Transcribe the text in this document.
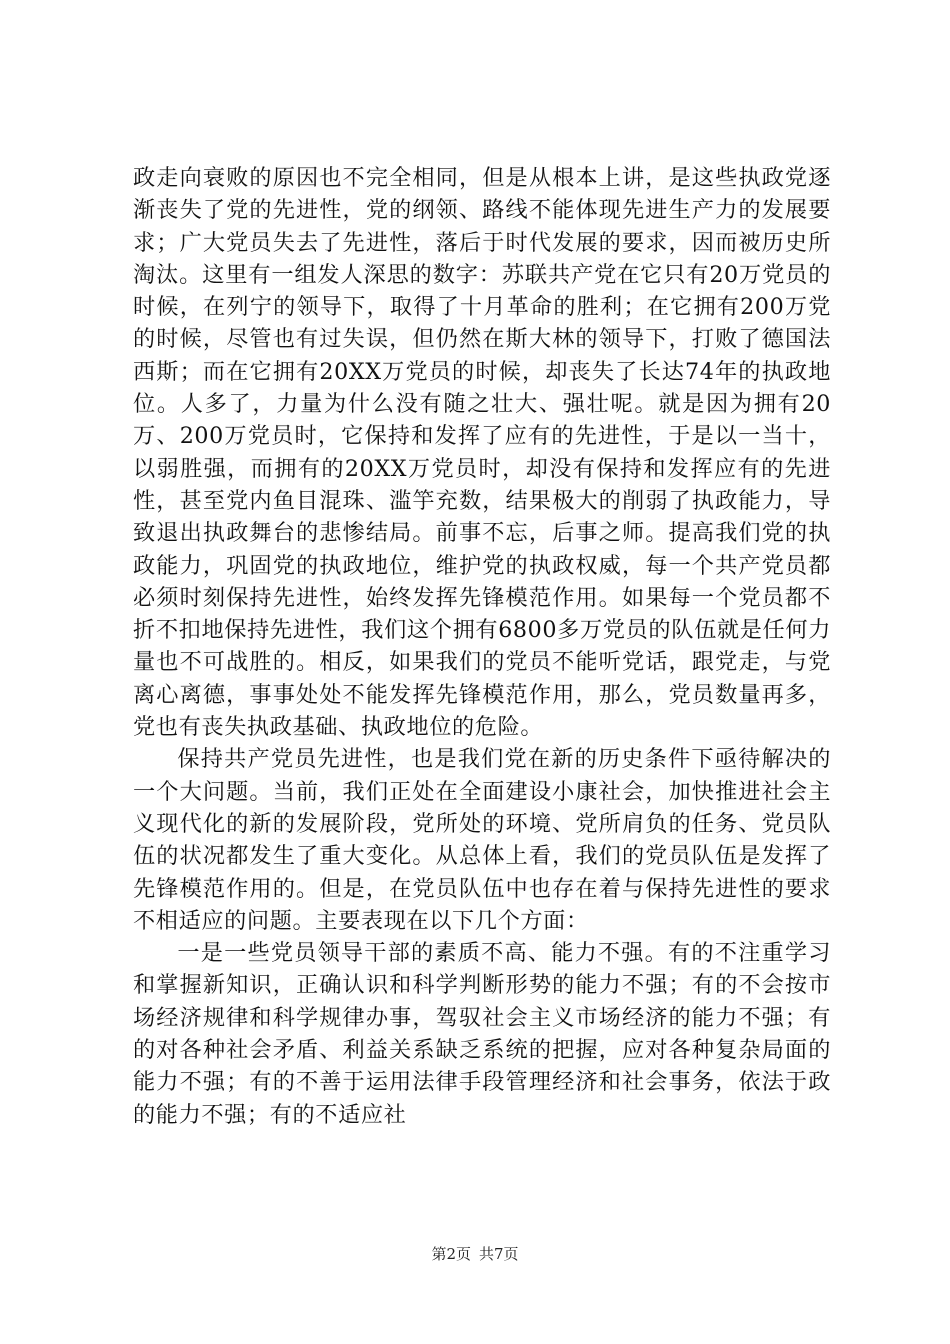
政走向衰败的原因也不完全相同，但是从根本上讲，是这些执政党逐渐丧失了党的先进性，党的纲领、路线不能体现先进生产力的发展要求；广大党员失去了先进性，落后于时代发展的要求，因而被历史所淘汰。这里有一组发人深思的数字：苏联共产党在它只有20万党员的时候，在列宁的领导下，取得了十月革命的胜利；在它拥有200万党的时候，尽管也有过失误，但仍然在斯大林的领导下，打败了德国法西斯；而在它拥有20XX万党员的时候，却丧失了长达74年的执政地位。人多了，力量为什么没有随之壮大、强壮呢。就是因为拥有20万、200万党员时，它保持和发挥了应有的先进性，于是以一当十，以弱胜强，而拥有的20XX万党员时，却没有保持和发挥应有的先进性，甚至党内鱼目混珠、滥竽充数，结果极大的削弱了执政能力，导致退出执政舞台的悲惨结局。前事不忘，后事之师。提高我们党的执政能力，巩固党的执政地位，维护党的执政权威，每一个共产党员都必须时刻保持先进性，始终发挥先锋模范作用。如果每一个党员都不折不扣地保持先进性，我们这个拥有6800多万党员的队伍就是任何力量也不可战胜的。相反，如果我们的党员不能听党话，跟党走，与党离心离德，事事处处不能发挥先锋模范作用，那么，党员数量再多，党也有丧失执政基础、执政地位的危险。

保持共产党员先进性，也是我们党在新的历史条件下亟待解决的一个大问题。当前，我们正处在全面建设小康社会，加快推进社会主义现代化的新的发展阶段，党所处的环境、党所肩负的任务、党员队伍的状况都发生了重大变化。从总体上看，我们的党员队伍是发挥了先锋模范作用的。但是，在党员队伍中也存在着与保持先进性的要求不相适应的问题。主要表现在以下几个方面：

一是一些党员领导干部的素质不高、能力不强。有的不注重学习和掌握新知识，正确认识和科学判断形势的能力不强；有的不会按市场经济规律和科学规律办事，驾驭社会主义市场经济的能力不强；有的对各种社会矛盾、利益关系缺乏系统的把握，应对各种复杂局面的能力不强；有的不善于运用法律手段管理经济和社会事务，依法于政的能力不强；有的不适应社

第2页 共7页
